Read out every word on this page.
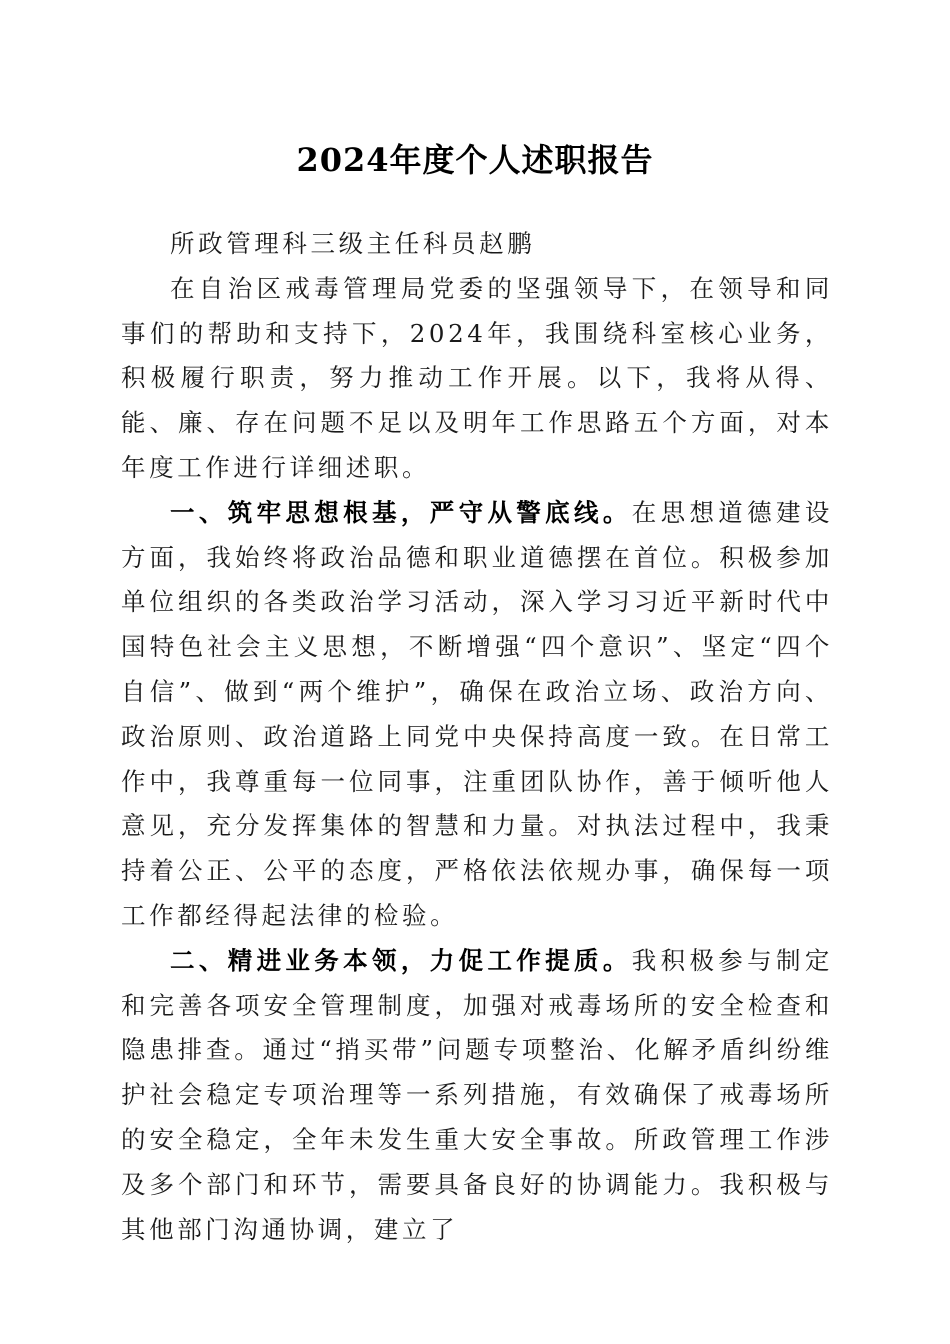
2024年度个人述职报告

所政管理科三级主任科员赵鹏

在自治区戒毒管理局党委的坚强领导下，在领导和同事们的帮助和支持下，2024年，我围绕科室核心业务，积极履行职责，努力推动工作开展。以下，我将从得、能、廉、存在问题不足以及明年工作思路五个方面，对本年度工作进行详细述职。

一、筑牢思想根基，严守从警底线。在思想道德建设方面，我始终将政治品德和职业道德摆在首位。积极参加单位组织的各类政治学习活动，深入学习习近平新时代中国特色社会主义思想，不断增强“四个意识”、坚定“四个自信”、做到“两个维护”，确保在政治立场、政治方向、政治原则、政治道路上同党中央保持高度一致。在日常工作中，我尊重每一位同事，注重团队协作，善于倾听他人意见，充分发挥集体的智慧和力量。对执法过程中，我秉持着公正、公平的态度，严格依法依规办事，确保每一项工作都经得起法律的检验。

二、精进业务本领，力促工作提质。我积极参与制定和完善各项安全管理制度，加强对戒毒场所的安全检查和隐患排查。通过“捎买带”问题专项整治、化解矛盾纠纷维护社会稳定专项治理等一系列措施，有效确保了戒毒场所的安全稳定，全年未发生重大安全事故。所政管理工作涉及多个部门和环节，需要具备良好的协调能力。我积极与其他部门沟通协调，建立了
